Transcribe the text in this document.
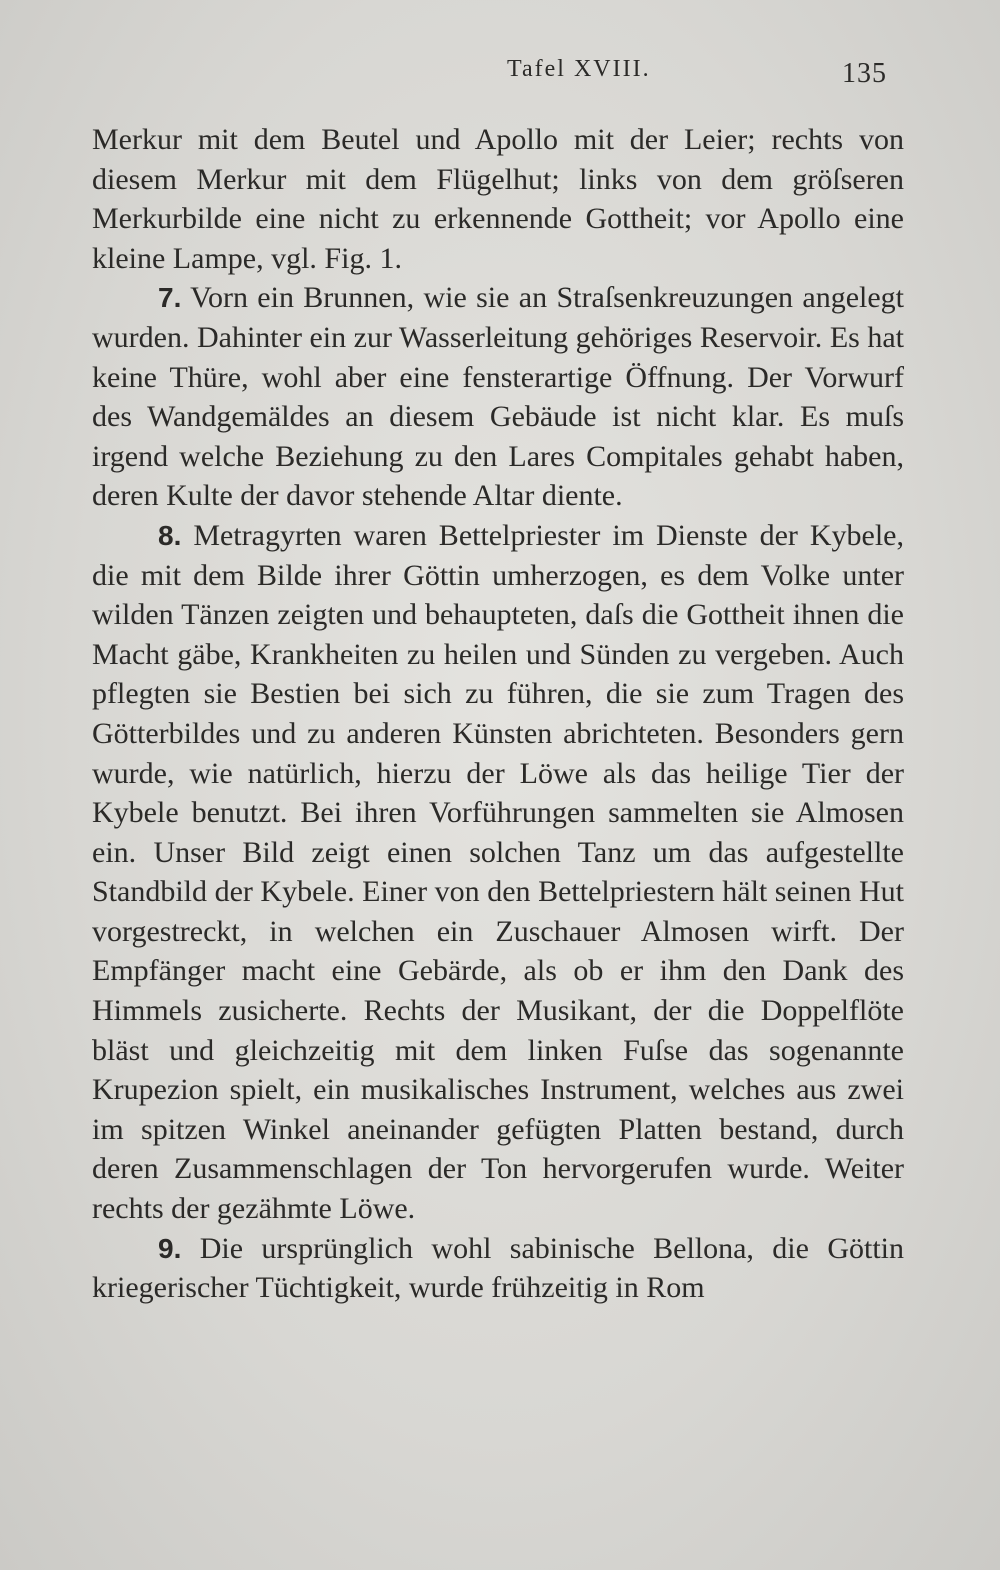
Tafel XVIII.	135

Merkur mit dem Beutel und Apollo mit der Leier; rechts von diesem Merkur mit dem Flügelhut; links von dem gröſseren Merkurbilde eine nicht zu erkennende Gottheit; vor Apollo eine kleine Lampe, vgl. Fig. 1.

7. Vorn ein Brunnen, wie sie an Straſsenkreuzungen angelegt wurden. Dahinter ein zur Wasserleitung gehöriges Reservoir. Es hat keine Thüre, wohl aber eine fensterartige Öffnung. Der Vorwurf des Wandgemäldes an diesem Gebäude ist nicht klar. Es muſs irgend welche Beziehung zu den Lares Compitales gehabt haben, deren Kulte der davor stehende Altar diente.

8. Metragyrten waren Bettelpriester im Dienste der Kybele, die mit dem Bilde ihrer Göttin umherzogen, es dem Volke unter wilden Tänzen zeigten und behaupteten, daſs die Gottheit ihnen die Macht gäbe, Krankheiten zu heilen und Sünden zu vergeben. Auch pflegten sie Bestien bei sich zu führen, die sie zum Tragen des Götterbildes und zu anderen Künsten abrichteten. Besonders gern wurde, wie natürlich, hierzu der Löwe als das heilige Tier der Kybele benutzt. Bei ihren Vorführungen sammelten sie Almosen ein. Unser Bild zeigt einen solchen Tanz um das aufgestellte Standbild der Kybele. Einer von den Bettelpriestern hält seinen Hut vorgestreckt, in welchen ein Zuschauer Almosen wirft. Der Empfänger macht eine Gebärde, als ob er ihm den Dank des Himmels zusicherte. Rechts der Musikant, der die Doppelflöte bläst und gleichzeitig mit dem linken Fuſse das sogenannte Krupezion spielt, ein musikalisches Instrument, welches aus zwei im spitzen Winkel aneinander gefügten Platten bestand, durch deren Zusammenschlagen der Ton hervorgerufen wurde. Weiter rechts der gezähmte Löwe.

9. Die ursprünglich wohl sabinische Bellona, die Göttin kriegerischer Tüchtigkeit, wurde frühzeitig in Rom
